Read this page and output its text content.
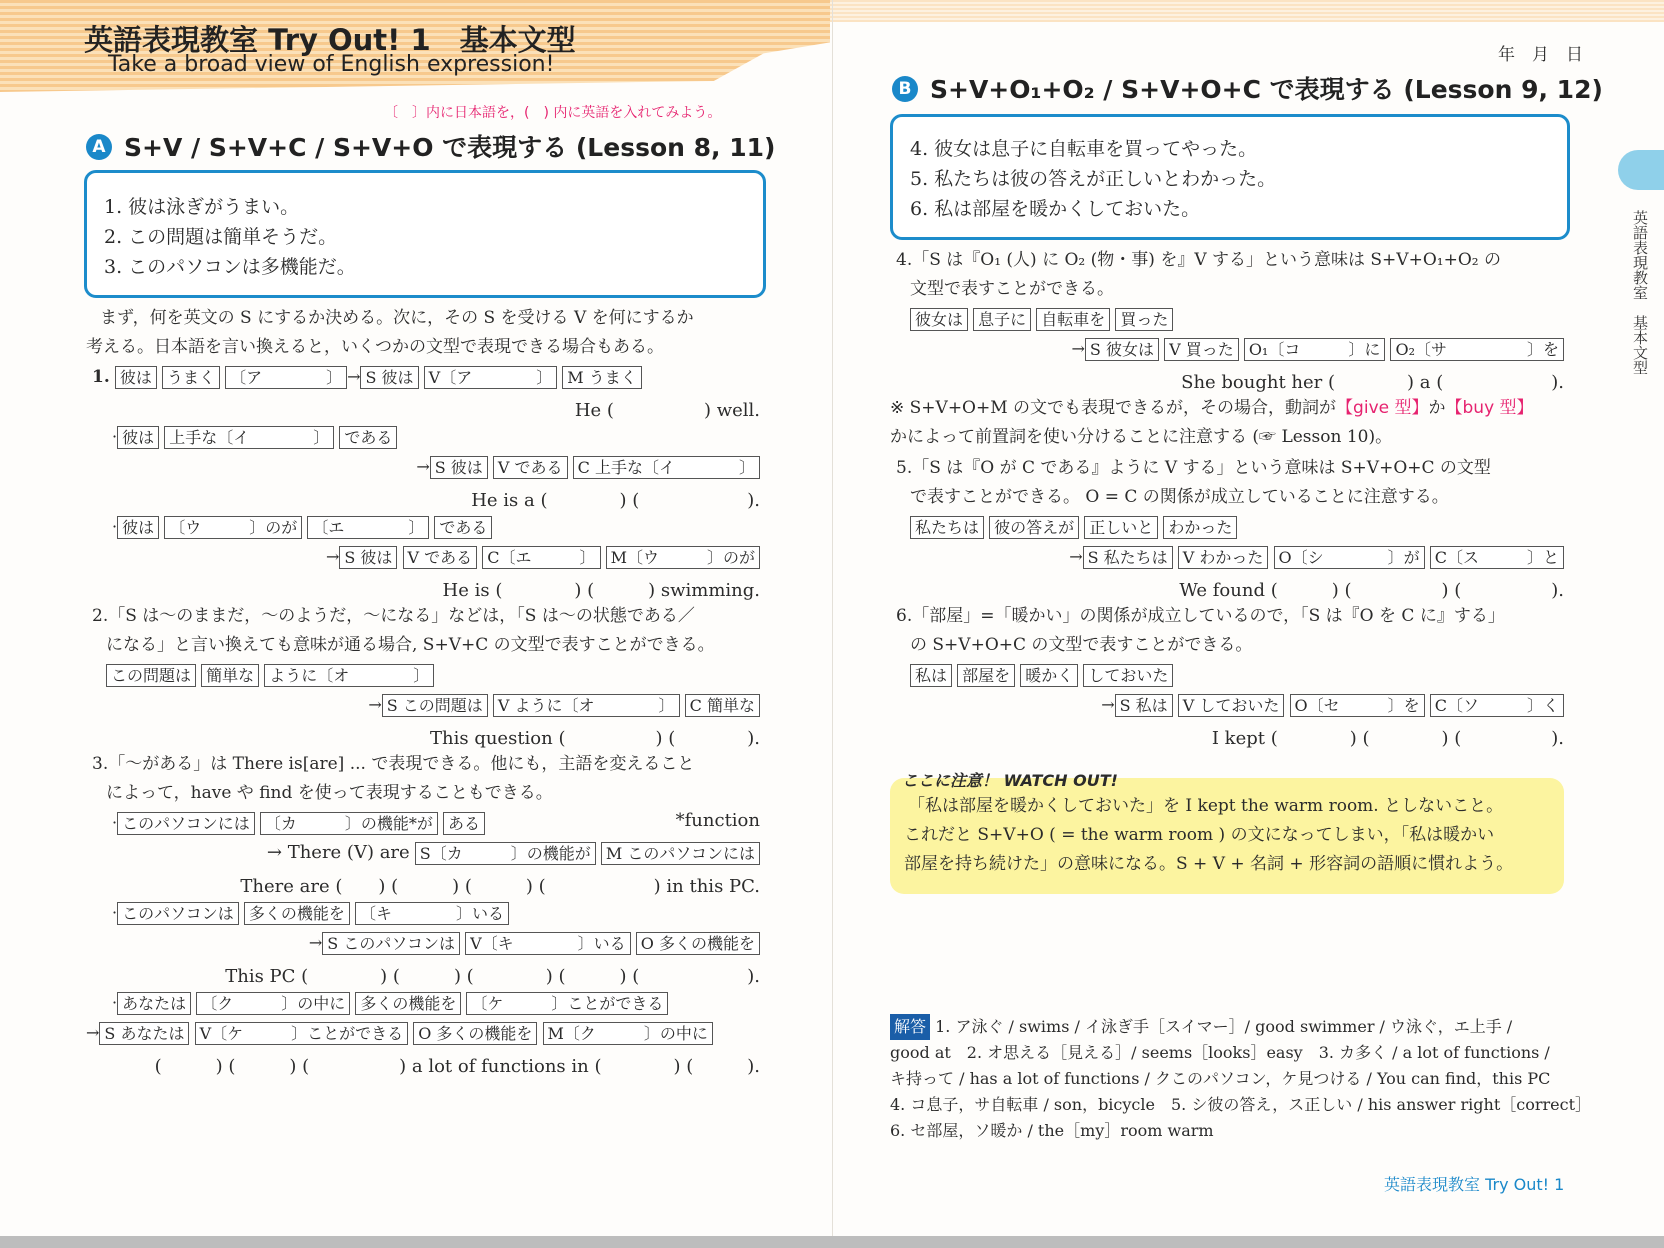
英語表現教室 Try Out! 1　基本文型
Take a broad view of English expression!	年　月　日
〔　〕内に日本語を，(　) 内に英語を入れてみよう。
A S+V / S+V+C / S+V+O で表現する (Lesson 8, 11)
1. 彼は泳ぎがうまい。
2. この問題は簡単そうだ。
3. このパソコンは多機能だ。
まず，何を英文の S にするか決める。次に，その S を受ける V を何にするか
考える。日本語を言い換えると，いくつかの文型で表現できる場合もある。
1. 彼は うまく 〔ア　　　　〕 → S 彼は V〔ア　　　　〕 M うまく
He (　　　　　) well.
· 彼は 上手な〔イ　　　　〕 である
→ S 彼は V である C 上手な〔イ　　　　〕
He is a (　　　　) (　　　　　　).
· 彼は 〔ウ　　　〕のが 〔エ　　　　〕 である
→ S 彼は V である C〔エ　　　〕 M〔ウ　　　〕のが
He is (　　　　) (　　　) swimming.
2.「S は〜のままだ，〜のようだ，〜になる」などは，「S は〜の状態である／
になる」と言い換えても意味が通る場合, S+V+C の文型で表すことができる。
この問題は 簡単な ように〔オ　　　　〕
→ S この問題は V ように〔オ　　　　〕 C 簡単な
This question (　　　　　) (　　　　).
3.「〜がある」は There is[are] ... で表現できる。他にも，主語を変えること
によって，have や find を使って表現することもできる。
· このパソコンには 〔カ　　　〕の機能*が ある	*function
→ There (V) are S〔カ　　　〕の機能が M このパソコンには
There are (　　) (　　　) (　　　) (　　　　　　) in this PC.
· このパソコンは 多くの機能を 〔キ　　　　〕いる
→ S このパソコンは V〔キ　　　　〕いる O 多くの機能を
This PC (　　　　) (　　　) (　　　　) (　　　) (　　　　　　).
· あなたは 〔ク　　　〕の中に 多くの機能を 〔ケ　　　〕ことができる
→ S あなたは V〔ケ　　　〕ことができる O 多くの機能を M〔ク　　　〕の中に
(　　　) (　　　) (　　　　　) a lot of functions in (　　　　) (　　　).
B S+V+O₁+O₂ / S+V+O+C で表現する (Lesson 9, 12)
4. 彼女は息子に自転車を買ってやった。
5. 私たちは彼の答えが正しいとわかった。
6. 私は部屋を暖かくしておいた。
英語表現教室　基本文型
4.「S は『O₁ (人) に O₂ (物・事) を』V する」という意味は S+V+O₁+O₂ の
文型で表すことができる。
彼女は 息子に 自転車を 買った
→ S 彼女は V 買った O₁〔コ　　　〕に O₂〔サ　　　　　〕を
She bought her (　　　　) a (　　　　　　).
※ S+V+O+M の文でも表現できるが，その場合，動詞が【give 型】か【buy 型】
かによって前置詞を使い分けることに注意する (☞ Lesson 10)。
5.「S は『O が C である』ように V する」という意味は S+V+O+C の文型
で表すことができる。 O = C の関係が成立していることに注意する。
私たちは 彼の答えが 正しいと わかった
→ S 私たちは V わかった O〔シ　　　　〕が C〔ス　　　〕と
We found (　　　) (　　　　　) (　　　　　).
6.「部屋」=「暖かい」の関係が成立しているので，「S は『O を C に』する」
の S+V+O+C の文型で表すことができる。
私は 部屋を 暖かく しておいた
→ S 私は V しておいた O〔セ　　　〕を C〔ソ　　　〕く
I kept (　　　　) (　　　　) (　　　　　).
ここに注意！ WATCH OUT!
「私は部屋を暖かくしておいた」を I kept the warm room. としないこと。
これだと S+V+O ( = the warm room ) の文になってしまい，「私は暖かい
部屋を持ち続けた」の意味になる。S + V + 名詞 + 形容詞の語順に慣れよう。
解答 1. ア泳ぐ / swims / イ泳ぎ手［スイマー］/ good swimmer / ウ泳ぐ，エ上手 /
good at　2. オ思える［見える］/ seems［looks］easy　3. カ多く / a lot of functions /
キ持って / has a lot of functions / クこのパソコン，ケ見つける / You can find，this PC
4. コ息子，サ自転車 / son，bicycle　5. シ彼の答え，ス正しい / his answer right［correct］
6. セ部屋，ソ暖か / the［my］room warm
英語表現教室 Try Out! 1
